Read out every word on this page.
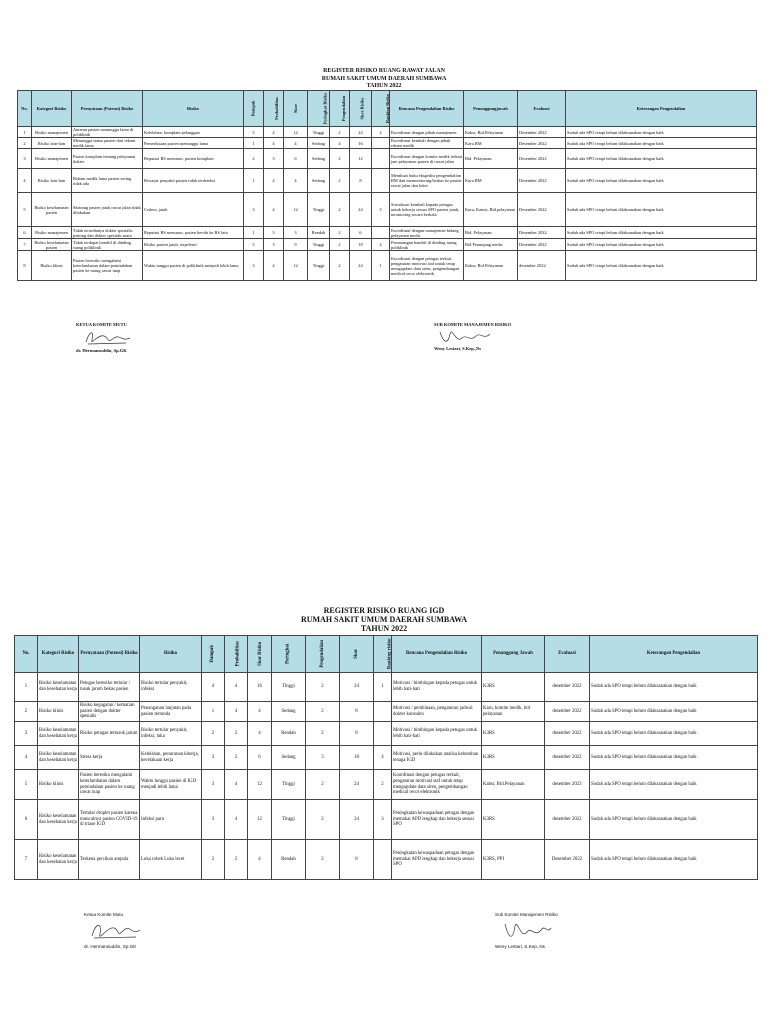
REGISTER RISIKO RUANG RAWAT JALAN
RUMAH SAKIT UMUM DAERAH SUMBAWA
TAHUN 2022
No.	Kategori Risiko	Pernyataan (Potensi) Risiko	Risiko	Dampak	Probabilitas	Skor	Peringkat Risiko	Pengendalian	Skor Risiko	Ranking Risiko	Rencana Pengendalian Risiko	Penanggungjawab	Evaluasi	Keterangan Pengendalian
1	Risiko manajemen	Antrean pasien menunggu lama di poliklinik	Kelelahan, komplain pelanggan	3	4	12	Tinggi	2	24	2	Koordinasi dengan pihak manajemen	Kabsr, Bid.Pelayanan	Desember 2022	Sudah ada SPO tetapi belum dilaksanakan dengan baik
2	Risiko lain-lain	Menunggu status pasien dari rekam medik lama	Pemeriksaan pasien menunggu lama	1	4	4	Sedang	4	16		Koordinasi kembali dengan pihak rekam medik	Karu RM	Desember 2022	Sudah ada SPO tetapi belum dilaksanakan dengan baik
3	Risiko manajemen	Pasien komplain tentang pelayanan dokter	Reputasi RS menurun, pasien komplain	2	3	6	Sedang	2	12		Koordinasi dengan komite medik terkait jam pelayanan pasien di rawat jalan	Bid. Pelayanan	Desember 2022	Sudah ada SPO tetapi belum dilaksanakan dengan baik
4	Risiko lain-lain	Rekam medik lama pasien sering tidak ada	Riwayat penyakit pasien tidak terdeteksi	1	4	4	Sedang	2	8		Membuat buku ekspedisi pengembalian RM dan memonitoring/berkas ke pasien rawat jalan dan loket	Karu RM	Desember 2022	Sudah ada SPO tetapi belum dilaksanakan dengan baik
5	Risiko keselamatan pasien	Skrining pasien jatuh rawat jalan tidak dilakukan	Cedera, jatuh	3	4	12	Tinggi	2	24	3	Sosialisasi kembali kepada petugas untuk bekerja sesuai SPO pasien jatuh, monitoring secara berkala	Karu, Kainst, Bid.pelayanan	Desember 2022	Sudah ada SPO tetapi belum dilaksanakan dengan baik
6	Risiko manajemen	Tidak tersedianya dokter spesialis penting dan dokter spesialis mata	Reputasi RS menurun, pasien berobt ke RS lain	1	3	3	Rendah	2	6		Koordinasi dengan manajemen bidang pelayanan medis	Bid. Pelayanan	Desember 2022	Sudah ada SPO tetapi belum dilaksanakan dengan baik
7	Risiko keselamatan pasien	Tidak terdapat handril di dinding ruang poliklinik	Risiko pasien jatuh, terpeleset	3	3	9	Tinggi	2	18	4	Pemasangan handril di dinding ruang poliklinik	Bid Penunjang medis	Desember 2022	Sudah ada SPO tetapi belum dilaksanakan dengan baik
8	Risiko klinis	Pasien beresiko mengalami keterlambatan dalam pemindahan pasien ke ruang rawat inap	Waktu tunggu pasien di poliklinik menjadi lebih lama	3	4	12	Tinggi	2	24	1	Koordinasi dengan petugas terkait, pengaturan motivasi staf untuk tetap mengupdate data siren, pengembangan medical recor elektronik	Kabsr, Bid.Pelayanan	desember 2022	Sudah ada SPO tetapi belum dilaksanakan dengan baik
KETUA KOMITE MUTU
dr. Hermansuddin, Sp.GK
SUB KOMITE MANAJEMEN RISIKO
Weny Lestari, S.Kep.,Ns
REGISTER RISIKO RUANG IGD
RUMAH SAKIT UMUM DAERAH SUMBAWA
TAHUN 2022
No.	Kategori Risiko	Pernyataan (Potensi) Risiko	Risiko	Dampak	Probabilitas	Skor Risiko	Peringkat	Pengendalian	Skor	Ranking risiko	Rencana Pengendalian Risiko	Penanggung Jawab	Evaluasi	Keterangan Pengendalian
1	Risiko keselamatan dan kesehatan kerja	Petugas beresiko tertular / tusuk jarum bekas pasien	Risiko tertular penyakit, infeksi	4	4	16	Tinggi	2	24	1	Motivasi / bimbingan kepada petugas untuk lebih hati-hati	K3RS	desember 2022	Sudah ada SPO tetapi belum dilaksanakan dengan baik
2	Risiko klinis	Risiko kegagalan / kematian pasien dengan dokter spesialis	Penanganan lanjutan pada pasien tertunda	1	4	4	Sedang	2	8		Motivasi / pembinaan, pengaturan jadwal dokter konsulen	Karu, komite medik, bid pelayanan	desember 2022	Sudah ada SPO tetapi belum dilaksanakan dengan baik
3	Risiko keselamatan dan kesehatan kerja	Risiko petugas tertusuk jarum	Risiko tertular penyakit, infeksi, luka	2	2	4	Rendah	2	8		Motivasi / bimbingan kepada petugas untuk lebih hati-hati	K3RS	desember 2022	Sudah ada SPO tetapi belum dilaksanakan dengan baik
4	Risiko keselamatan dan kesehatan kerja	Stress kerja	Kelelahan, penurunan kinerja, kecelakaan kerja	3	2	6	Sedang	3	18	4	Motivasi, perlu dilakukan analisa kebutuhan tenaga IGD	K3RS	desember 2022	Sudah ada SPO tetapi belum dilaksanakan dengan baik
5	Risiko klinis	Pasien beresiko mengalami keterlambatan dalam pemindahan pasien ke ruang rawat inap	Waktu tunggu pasien di IGD menjadi lebih lama	3	4	12	Tinggi	2	24	2	Koordinasi dengan petugas terkait, pengaturan motivasi staf untuk tetap mengupdate data siren, pengembangan medical recor elektronik	Kabsr, Bid.Pelayanan	desember 2023	Sudah ada SPO tetapi belum dilaksanakan dengan baik
6	Risiko keselamatan dan kesehatan kerja	Tertular droplet pasien karena munculnya pasien COVID-19 di triase IGD	Infeksi paru	3	4	12	Tinggi	2	24	3	Peningkatan kewaspadaan petugas dengan memakai APD lengkap dan bekerja sesuai SPO	K3RS	desember 2022	Sudah ada SPO tetapi belum dilaksanakan dengan baik
7	Risiko keselamatan dan kesehatan kerja	Terkena percikan ampula	Luka robek Luka lecet	2	2	4	Rendah	2	8		Peningkatan kewaspadaan petugas dengan memakai APD lengkap dan bekerja sesuai SPO	K3RS, PPI	Desember 2022	Sudah ada SPO tetapi belum dilaksanakan dengan baik
Ketua Komite Mutu
dr. Hermansuddin, Sp.GK
Sub Komite Manajemen Risiko
Weny Lestari, S.Kep.,Ns
